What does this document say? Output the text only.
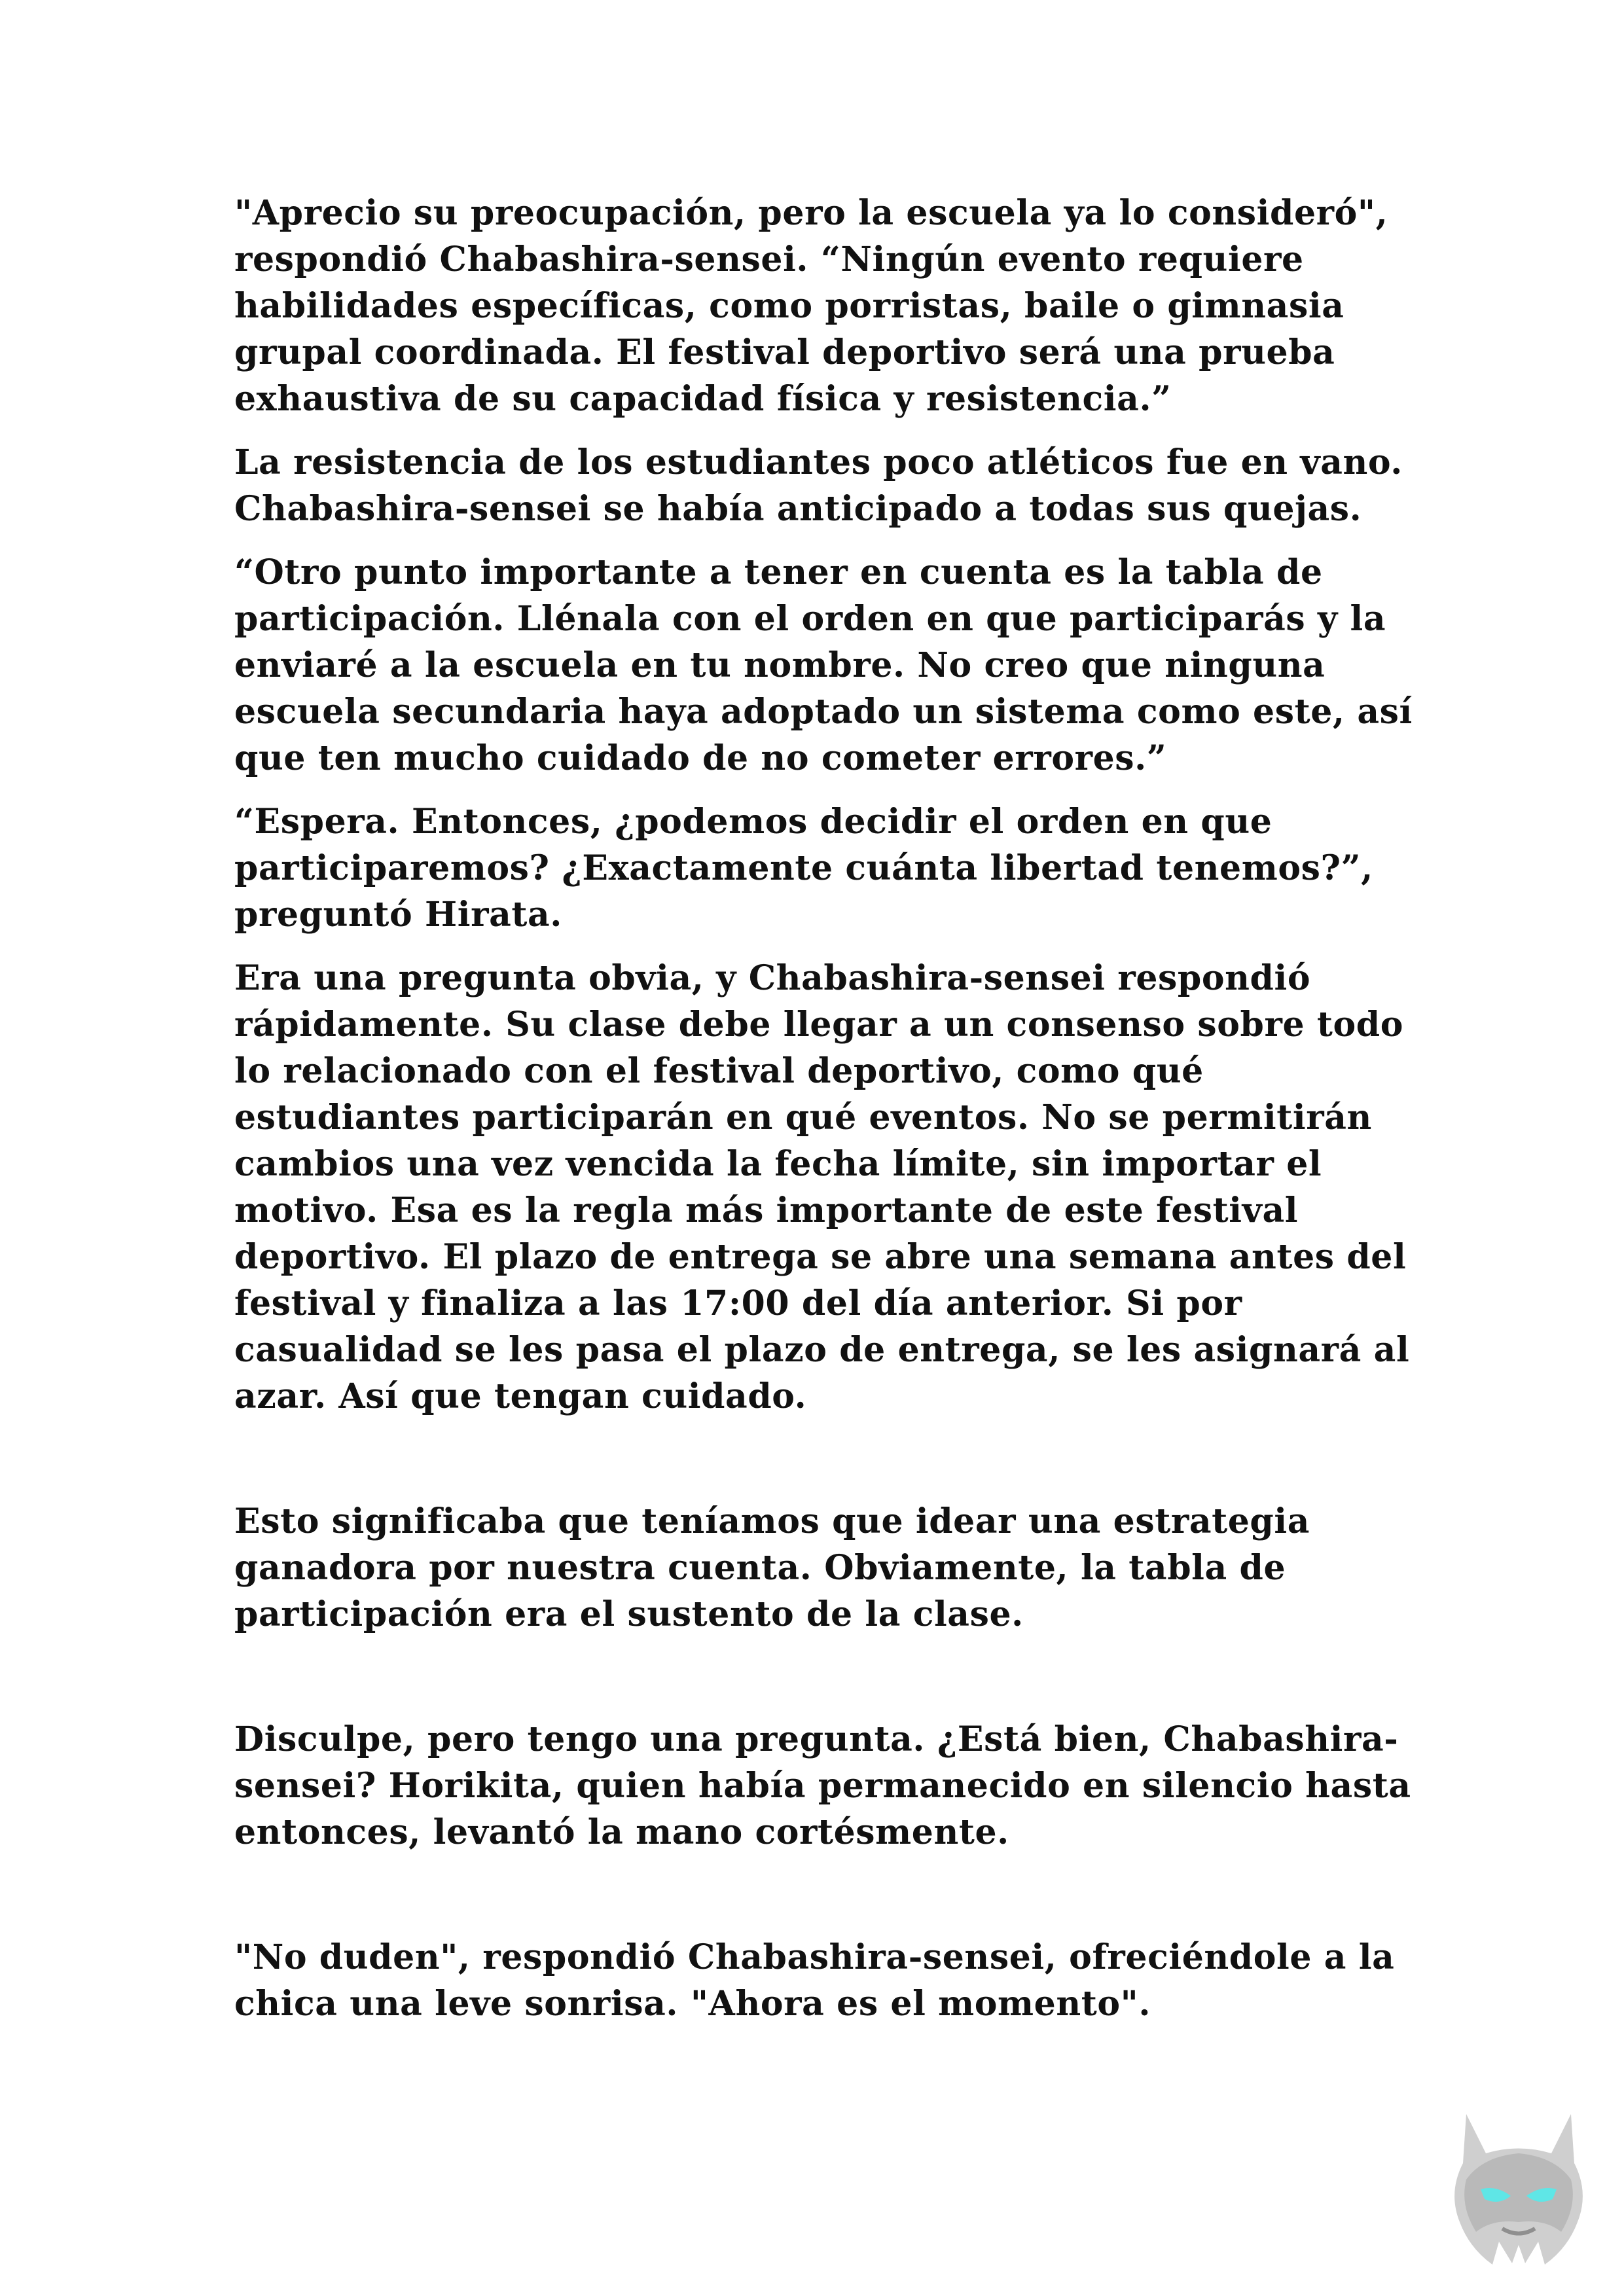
"Aprecio su preocupación, pero la escuela ya lo consideró",
respondió Chabashira-sensei. “Ningún evento requiere
habilidades específicas, como porristas, baile o gimnasia
grupal coordinada. El festival deportivo será una prueba
exhaustiva de su capacidad física y resistencia.”

La resistencia de los estudiantes poco atléticos fue en vano.
Chabashira-sensei se había anticipado a todas sus quejas.

“Otro punto importante a tener en cuenta es la tabla de
participación. Llénala con el orden en que participarás y la
enviaré a la escuela en tu nombre. No creo que ninguna
escuela secundaria haya adoptado un sistema como este, así
que ten mucho cuidado de no cometer errores.”

“Espera. Entonces, ¿podemos decidir el orden en que
participaremos? ¿Exactamente cuánta libertad tenemos?”,
preguntó Hirata.

Era una pregunta obvia, y Chabashira-sensei respondió
rápidamente. Su clase debe llegar a un consenso sobre todo
lo relacionado con el festival deportivo, como qué
estudiantes participarán en qué eventos. No se permitirán
cambios una vez vencida la fecha límite, sin importar el
motivo. Esa es la regla más importante de este festival
deportivo. El plazo de entrega se abre una semana antes del
festival y finaliza a las 17:00 del día anterior. Si por
casualidad se les pasa el plazo de entrega, se les asignará al
azar. Así que tengan cuidado.

Esto significaba que teníamos que idear una estrategia
ganadora por nuestra cuenta. Obviamente, la tabla de
participación era el sustento de la clase.

Disculpe, pero tengo una pregunta. ¿Está bien, Chabashira-
sensei? Horikita, quien había permanecido en silencio hasta
entonces, levantó la mano cortésmente.

"No duden", respondió Chabashira-sensei, ofreciéndole a la
chica una leve sonrisa. "Ahora es el momento".
